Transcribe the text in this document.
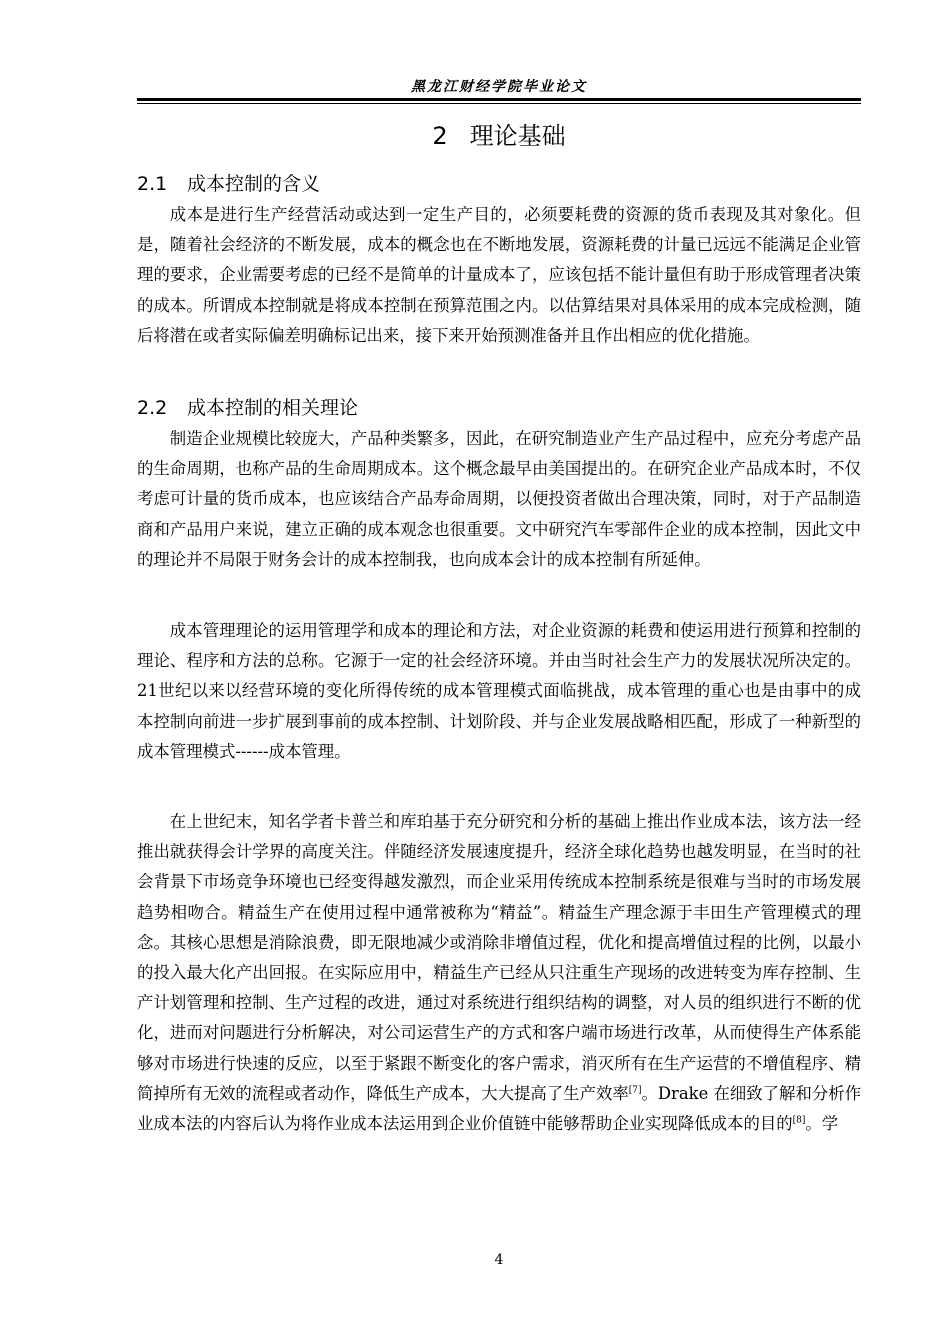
黑龙江财经学院毕业论文
2 理论基础
2.1 成本控制的含义

成本是进行生产经营活动或达到一定生产目的，必须要耗费的资源的货币表现及其对象化。但是，随着社会经济的不断发展，成本的概念也在不断地发展，资源耗费的计量已远远不能满足企业管理的要求，企业需要考虑的已经不是简单的计量成本了，应该包括不能计量但有助于形成管理者决策的成本。所谓成本控制就是将成本控制在预算范围之内。以估算结果对具体采用的成本完成检测，随后将潜在或者实际偏差明确标记出来，接下来开始预测准备并且作出相应的优化措施。

2.2 成本控制的相关理论

制造企业规模比较庞大，产品种类繁多，因此，在研究制造业产生产品过程中，应充分考虑产品的生命周期，也称产品的生命周期成本。这个概念最早由美国提出的。在研究企业产品成本时，不仅考虑可计量的货币成本，也应该结合产品寿命周期，以便投资者做出合理决策，同时，对于产品制造商和产品用户来说，建立正确的成本观念也很重要。文中研究汽车零部件企业的成本控制，因此文中的理论并不局限于财务会计的成本控制我，也向成本会计的成本控制有所延伸。

成本管理理论的运用管理学和成本的理论和方法，对企业资源的耗费和使运用进行预算和控制的理论、程序和方法的总称。它源于一定的社会经济环境。并由当时社会生产力的发展状况所决定的。21世纪以来以经营环境的变化所得传统的成本管理模式面临挑战，成本管理的重心也是由事中的成本控制向前进一步扩展到事前的成本控制、计划阶段、并与企业发展战略相匹配，形成了一种新型的成本管理模式------成本管理。

在上世纪末，知名学者卡普兰和库珀基于充分研究和分析的基础上推出作业成本法，该方法一经推出就获得会计学界的高度关注。伴随经济发展速度提升，经济全球化趋势也越发明显，在当时的社会背景下市场竞争环境也已经变得越发激烈，而企业采用传统成本控制系统是很难与当时的市场发展趋势相吻合。精益生产在使用过程中通常被称为“精益”。精益生产理念源于丰田生产管理模式的理念。其核心思想是消除浪费，即无限地减少或消除非增值过程，优化和提高增值过程的比例，以最小的投入最大化产出回报。在实际应用中，精益生产已经从只注重生产现场的改进转变为库存控制、生产计划管理和控制、生产过程的改进，通过对系统进行组织结构的调整，对人员的组织进行不断的优化，进而对问题进行分析解决，对公司运营生产的方式和客户端市场进行改革，从而使得生产体系能够对市场进行快速的反应，以至于紧跟不断变化的客户需求，消灭所有在生产运营的不增值程序、精简掉所有无效的流程或者动作，降低生产成本，大大提高了生产效率[7]。Drake 在细致了解和分析作业成本法的内容后认为将作业成本法运用到企业价值链中能够帮助企业实现降低成本的目的[8]。学

4
